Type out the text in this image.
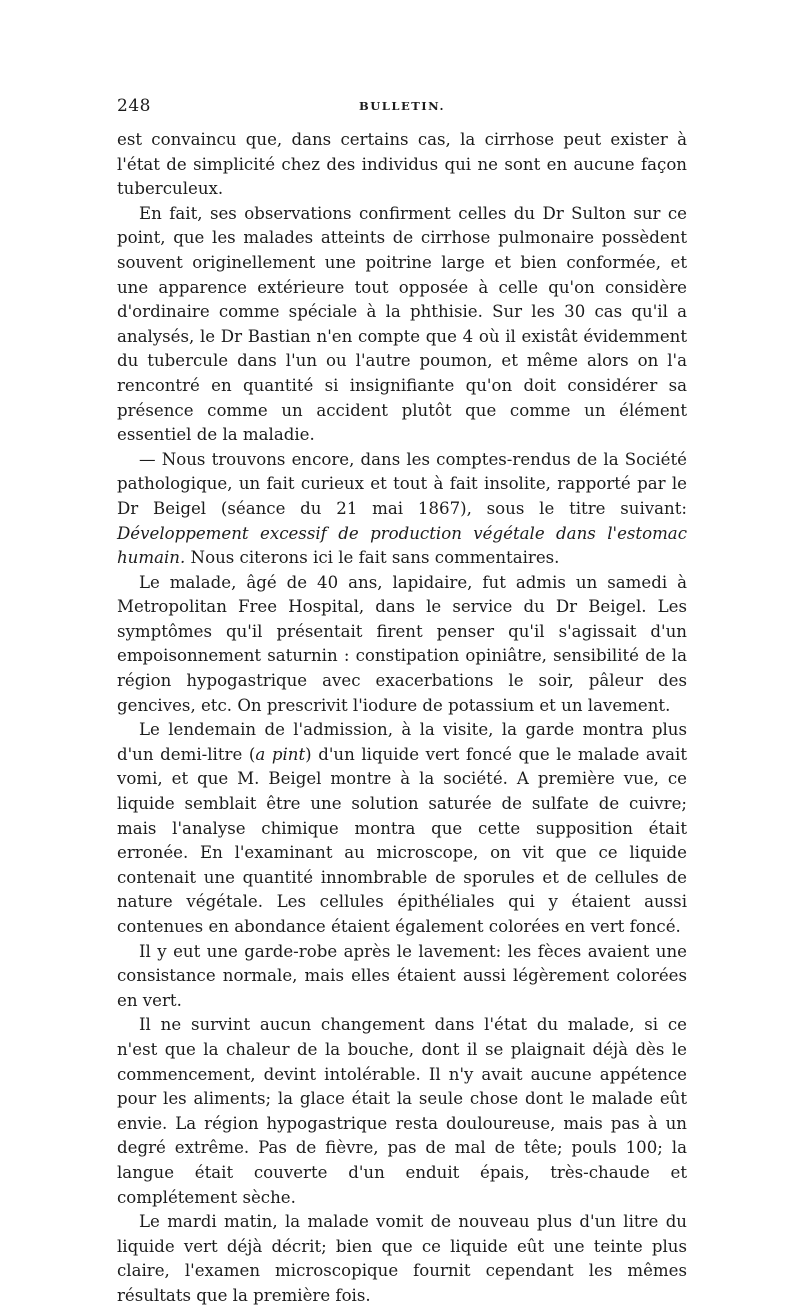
248	BULLETIN.

est convaincu que, dans certains cas, la cirrhose peut exister à l'état de simplicité chez des individus qui ne sont en aucune façon tuberculeux.

En fait, ses observations confirment celles du Dr Sulton sur ce point, que les malades atteints de cirrhose pulmonaire possèdent souvent originellement une poitrine large et bien conformée, et une apparence extérieure tout opposée à celle qu'on considère d'ordinaire comme spéciale à la phthisie. Sur les 30 cas qu'il a analysés, le Dr Bastian n'en compte que 4 où il existât évidemment du tubercule dans l'un ou l'autre poumon, et même alors on l'a rencontré en quantité si insignifiante qu'on doit considérer sa présence comme un accident plutôt que comme un élément essentiel de la maladie.

— Nous trouvons encore, dans les comptes-rendus de la Société pathologique, un fait curieux et tout à fait insolite, rapporté par le Dr Beigel (séance du 21 mai 1867), sous le titre suivant: Développement excessif de production végétale dans l'estomac humain. Nous citerons ici le fait sans commentaires.

Le malade, âgé de 40 ans, lapidaire, fut admis un samedi à Metropolitan Free Hospital, dans le service du Dr Beigel. Les symptômes qu'il présentait firent penser qu'il s'agissait d'un empoisonnement saturnin : constipation opiniâtre, sensibilité de la région hypogastrique avec exacerbations le soir, pâleur des gencives, etc. On prescrivit l'iodure de potassium et un lavement.

Le lendemain de l'admission, à la visite, la garde montra plus d'un demi-litre (a pint) d'un liquide vert foncé que le malade avait vomi, et que M. Beigel montre à la société. A première vue, ce liquide semblait être une solution saturée de sulfate de cuivre; mais l'analyse chimique montra que cette supposition était erronée. En l'examinant au microscope, on vit que ce liquide contenait une quantité innombrable de sporules et de cellules de nature végétale. Les cellules épithéliales qui y étaient aussi contenues en abondance étaient également colorées en vert foncé.

Il y eut une garde-robe après le lavement: les fèces avaient une consistance normale, mais elles étaient aussi légèrement colorées en vert.

Il ne survint aucun changement dans l'état du malade, si ce n'est que la chaleur de la bouche, dont il se plaignait déjà dès le commencement, devint intolérable. Il n'y avait aucune appétence pour les aliments; la glace était la seule chose dont le malade eût envie. La région hypogastrique resta douloureuse, mais pas à un degré extrême. Pas de fièvre, pas de mal de tête; pouls 100; la langue était couverte d'un enduit épais, très-chaude et complétement sèche.

Le mardi matin, la malade vomit de nouveau plus d'un litre du liquide vert déjà décrit; bien que ce liquide eût une teinte plus claire, l'examen microscopique fournit cependant les mêmes résultats que la première fois.
